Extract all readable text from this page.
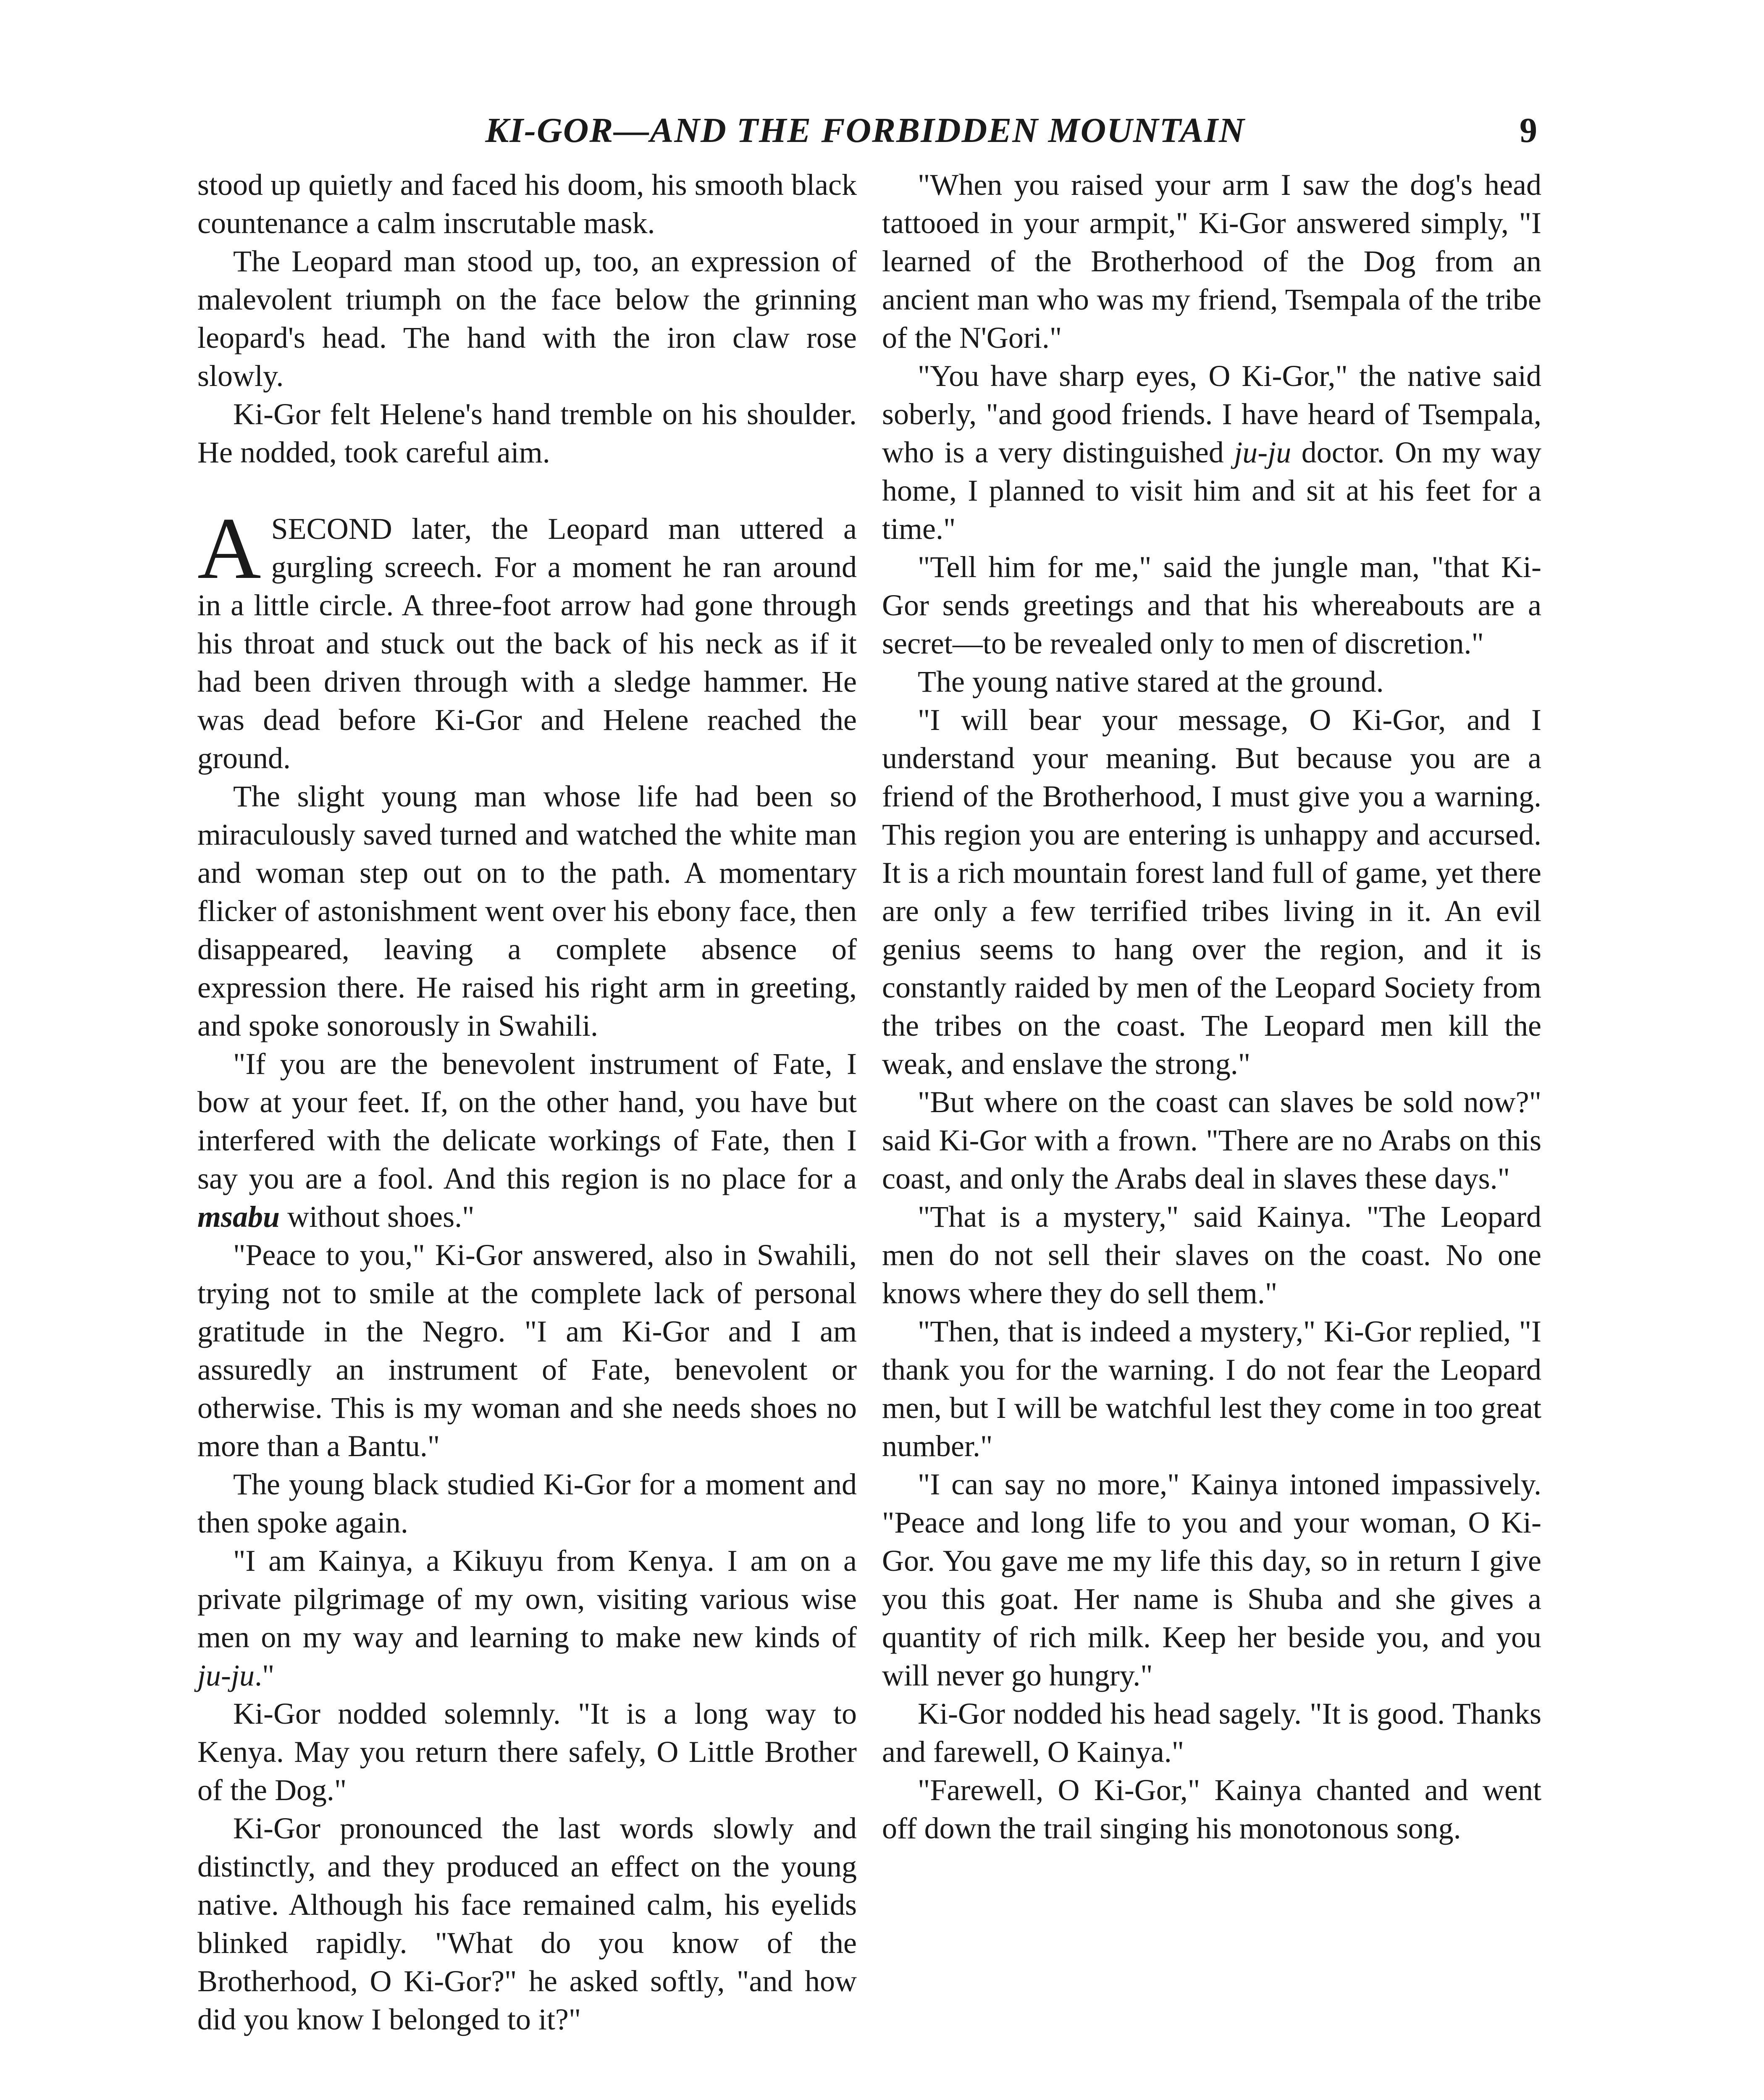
KI-GOR—AND THE FORBIDDEN MOUNTAIN	9

stood up quietly and faced his doom, his smooth black countenance a calm inscrutable mask.

The Leopard man stood up, too, an expression of malevolent triumph on the face below the grinning leopard's head. The hand with the iron claw rose slowly.

Ki-Gor felt Helene's hand tremble on his shoulder. He nodded, took careful aim.

ASECOND later, the Leopard man uttered a gurgling screech. For a moment he ran around in a little circle. A three-foot arrow had gone through his throat and stuck out the back of his neck as if it had been driven through with a sledge hammer. He was dead before Ki-Gor and Helene reached the ground.

The slight young man whose life had been so miraculously saved turned and watched the white man and woman step out on to the path. A momentary flicker of astonishment went over his ebony face, then disappeared, leaving a complete absence of expression there. He raised his right arm in greeting, and spoke sonorously in Swahili.

"If you are the benevolent instrument of Fate, I bow at your feet. If, on the other hand, you have but interfered with the delicate workings of Fate, then I say you are a fool. And this region is no place for a msabu without shoes."

"Peace to you," Ki-Gor answered, also in Swahili, trying not to smile at the complete lack of personal gratitude in the Negro. "I am Ki-Gor and I am assuredly an instrument of Fate, benevolent or otherwise. This is my woman and she needs shoes no more than a Bantu."

The young black studied Ki-Gor for a moment and then spoke again.

"I am Kainya, a Kikuyu from Kenya. I am on a private pilgrimage of my own, visiting various wise men on my way and learning to make new kinds of ju-ju."

Ki-Gor nodded solemnly. "It is a long way to Kenya. May you return there safely, O Little Brother of the Dog."

Ki-Gor pronounced the last words slowly and distinctly, and they produced an effect on the young native. Although his face remained calm, his eyelids blinked rapidly. "What do you know of the Brotherhood, O Ki-Gor?" he asked softly, "and how did you know I belonged to it?"

"When you raised your arm I saw the dog's head tattooed in your armpit," Ki-Gor answered simply, "I learned of the Brotherhood of the Dog from an ancient man who was my friend, Tsempala of the tribe of the N'Gori."

"You have sharp eyes, O Ki-Gor," the native said soberly, "and good friends. I have heard of Tsempala, who is a very distinguished ju-ju doctor. On my way home, I planned to visit him and sit at his feet for a time."

"Tell him for me," said the jungle man, "that Ki-Gor sends greetings and that his whereabouts are a secret—to be revealed only to men of discretion."

The young native stared at the ground.

"I will bear your message, O Ki-Gor, and I understand your meaning. But because you are a friend of the Brotherhood, I must give you a warning. This region you are entering is unhappy and accursed. It is a rich mountain forest land full of game, yet there are only a few terrified tribes living in it. An evil genius seems to hang over the region, and it is constantly raided by men of the Leopard Society from the tribes on the coast. The Leopard men kill the weak, and enslave the strong."

"But where on the coast can slaves be sold now?" said Ki-Gor with a frown. "There are no Arabs on this coast, and only the Arabs deal in slaves these days."

"That is a mystery," said Kainya. "The Leopard men do not sell their slaves on the coast. No one knows where they do sell them."

"Then, that is indeed a mystery," Ki-Gor replied, "I thank you for the warning. I do not fear the Leopard men, but I will be watchful lest they come in too great number."

"I can say no more," Kainya intoned impassively. "Peace and long life to you and your woman, O Ki-Gor. You gave me my life this day, so in return I give you this goat. Her name is Shuba and she gives a quantity of rich milk. Keep her beside you, and you will never go hungry."

Ki-Gor nodded his head sagely. "It is good. Thanks and farewell, O Kainya."

"Farewell, O Ki-Gor," Kainya chanted and went off down the trail singing his monotonous song.
